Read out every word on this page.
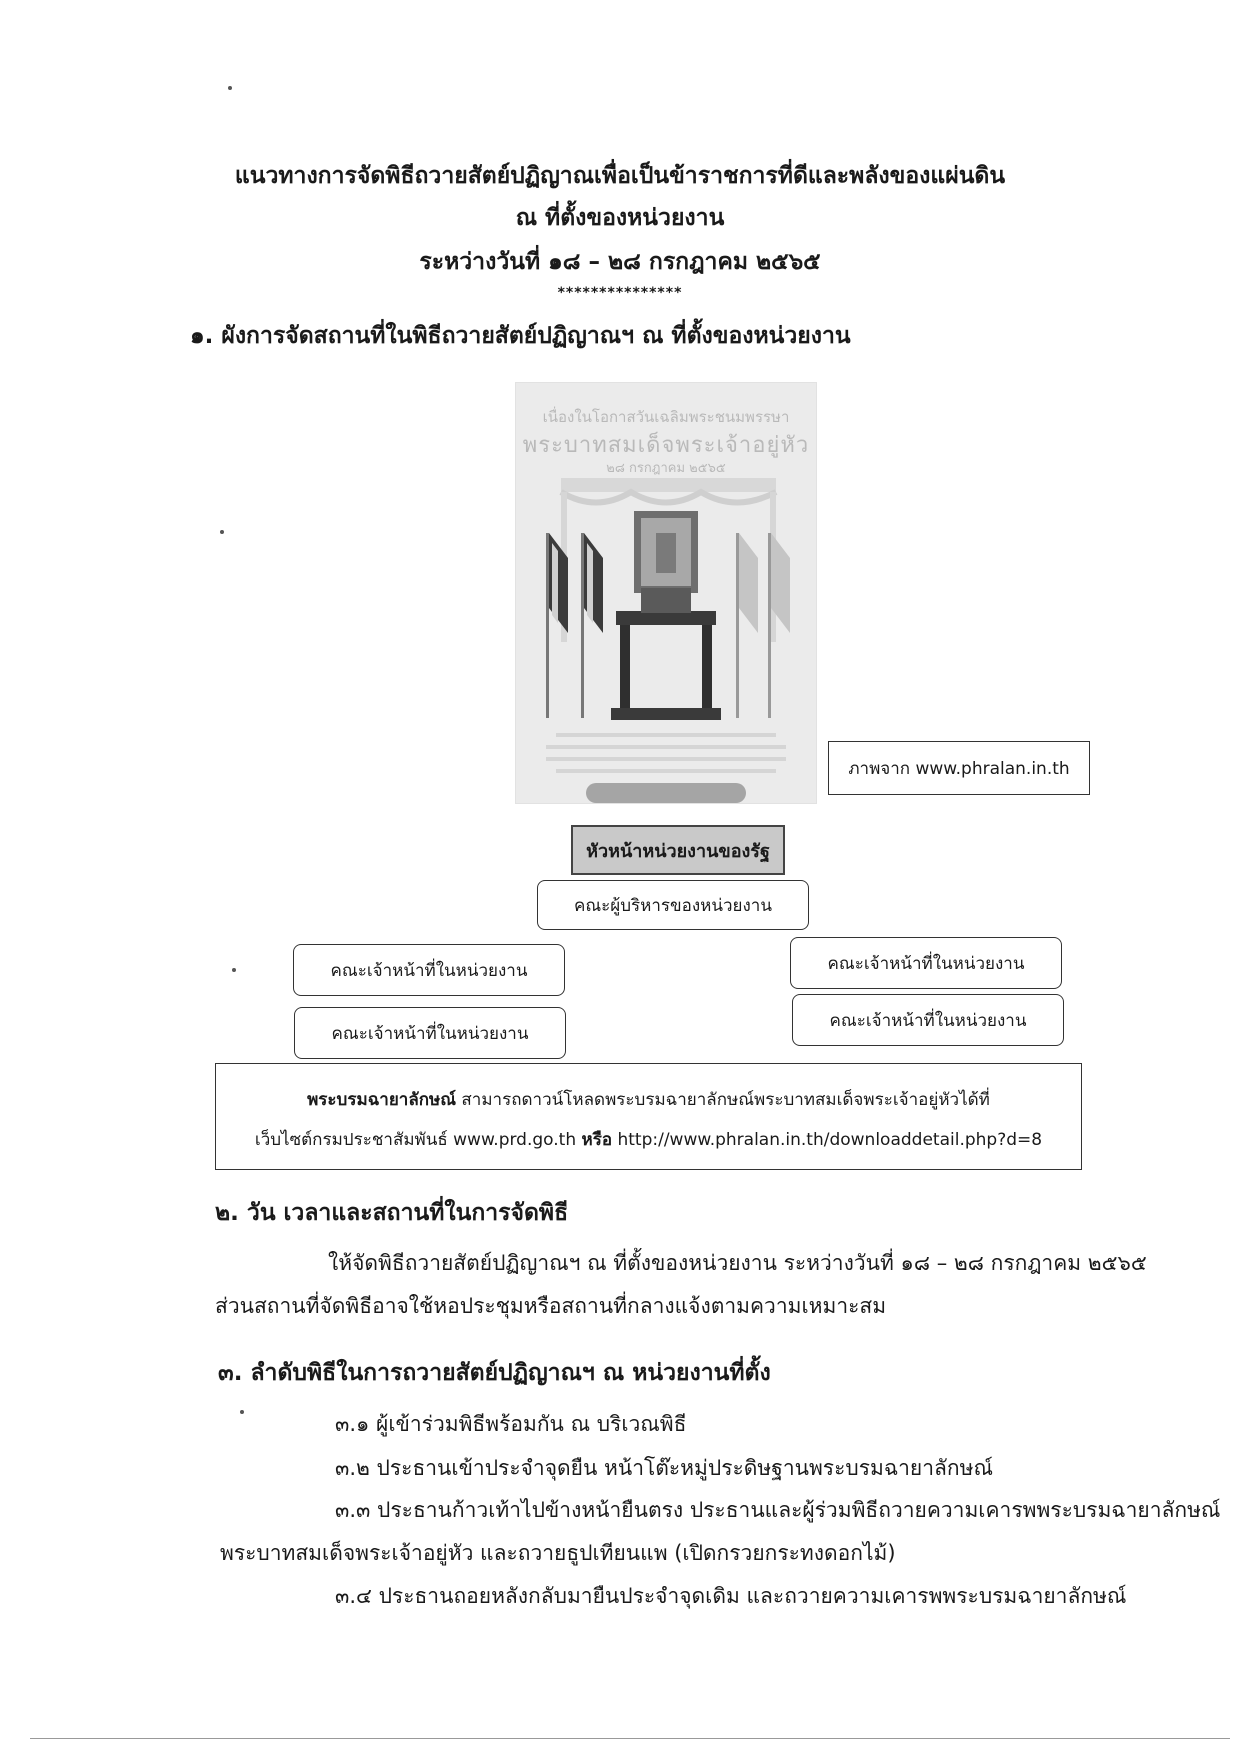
แนวทางการจัดพิธีถวายสัตย์ปฏิญาณเพื่อเป็นข้าราชการที่ดีและพลังของแผ่นดิน
ณ ที่ตั้งของหน่วยงาน
ระหว่างวันที่ ๑๘ – ๒๘ กรกฎาคม ๒๕๖๕
***************
๑. ผังการจัดสถานที่ในพิธีถวายสัตย์ปฏิญาณฯ ณ ที่ตั้งของหน่วยงาน
เนื่องในโอกาสวันเฉลิมพระชนมพรรษา
พระบาทสมเด็จพระเจ้าอยู่หัว
๒๘ กรกฎาคม ๒๕๖๕
ภาพจาก www.phralan.in.th
หัวหน้าหน่วยงานของรัฐ
คณะผู้บริหารของหน่วยงาน
คณะเจ้าหน้าที่ในหน่วยงาน
คณะเจ้าหน้าที่ในหน่วยงาน
คณะเจ้าหน้าที่ในหน่วยงาน
คณะเจ้าหน้าที่ในหน่วยงาน
พระบรมฉายาลักษณ์ สามารถดาวน์โหลดพระบรมฉายาลักษณ์พระบาทสมเด็จพระเจ้าอยู่หัวได้ที่
เว็บไซต์กรมประชาสัมพันธ์ www.prd.go.th หรือ http://www.phralan.in.th/downloaddetail.php?d=8
๒. วัน เวลาและสถานที่ในการจัดพิธี
ให้จัดพิธีถวายสัตย์ปฏิญาณฯ ณ ที่ตั้งของหน่วยงาน ระหว่างวันที่ ๑๘ – ๒๘ กรกฎาคม ๒๕๖๕
ส่วนสถานที่จัดพิธีอาจใช้หอประชุมหรือสถานที่กลางแจ้งตามความเหมาะสม
๓. ลำดับพิธีในการถวายสัตย์ปฏิญาณฯ ณ หน่วยงานที่ตั้ง
๓.๑ ผู้เข้าร่วมพิธีพร้อมกัน ณ บริเวณพิธี
๓.๒ ประธานเข้าประจำจุดยืน หน้าโต๊ะหมู่ประดิษฐานพระบรมฉายาลักษณ์
๓.๓ ประธานก้าวเท้าไปข้างหน้ายืนตรง ประธานและผู้ร่วมพิธีถวายความเคารพพระบรมฉายาลักษณ์
พระบาทสมเด็จพระเจ้าอยู่หัว และถวายธูปเทียนแพ (เปิดกรวยกระทงดอกไม้)
๓.๔ ประธานถอยหลังกลับมายืนประจำจุดเดิม และถวายความเคารพพระบรมฉายาลักษณ์
